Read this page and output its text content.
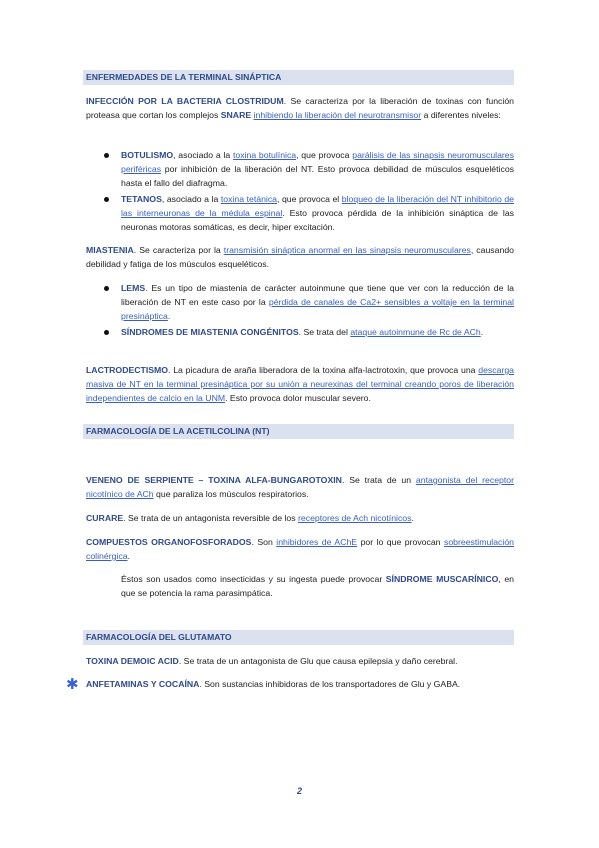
ENFERMEDADES DE LA TERMINAL SINÁPTICA
INFECCIÓN POR LA BACTERIA CLOSTRIDUM. Se caracteriza por la liberación de toxinas con función proteasa que cortan los complejos SNARE inhibiendo la liberación del neurotransmisor a diferentes niveles:
BOTULISMO, asociado a la toxina botulínica, que provoca parálisis de las sinapsis neuromusculares periféricas por inhibición de la liberación del NT. Esto provoca debilidad de músculos esqueléticos hasta el fallo del diafragma.
TETANOS, asociado a la toxina tetánica, que provoca el bloqueo de la liberación del NT inhibitorio de las interneuronas de la médula espinal. Esto provoca pérdida de la inhibición sináptica de las neuronas motoras somáticas, es decir, hiper excitación.
MIASTENIA. Se caracteriza por la transmisión sináptica anormal en las sinapsis neuromusculares, causando debilidad y fatiga de los músculos esqueléticos.
LEMS. Es un tipo de miastenia de carácter autoinmune que tiene que ver con la reducción de la liberación de NT en este caso por la pérdida de canales de Ca2+ sensibles a voltaje en la terminal presináptica.
SÍNDROMES DE MIASTENIA CONGÉNITOS. Se trata del ataque autoinmune de Rc de ACh.
LACTRODECTISMO. La picadura de araña liberadora de la toxina alfa-lactrotoxin, que provoca una descarga masiva de NT en la terminal presináptica por su unión a neurexinas del terminal creando poros de liberación independientes de calcio en la UNM. Esto provoca dolor muscular severo.
FARMACOLOGÍA DE LA ACETILCOLINA (NT)
VENENO DE SERPIENTE – TOXINA ALFA-BUNGAROTOXIN. Se trata de un antagonista del receptor nicotínico de ACh que paraliza los músculos respiratorios.
CURARE. Se trata de un antagonista reversible de los receptores de Ach nicotínicos.
COMPUESTOS ORGANOFOSFORADOS. Son inhibidores de AChE por lo que provocan sobreestimulación colinérgica.
Éstos son usados como insecticidas y su ingesta puede provocar SÍNDROME MUSCARÍNICO, en que se potencia la rama parasimpática.
FARMACOLOGÍA DEL GLUTAMATO
TOXINA DEMOIC ACID. Se trata de un antagonista de Glu que causa epilepsia y daño cerebral.
✱ ANFETAMINAS Y COCAÍNA. Son sustancias inhibidoras de los transportadores de Glu y GABA.
2
